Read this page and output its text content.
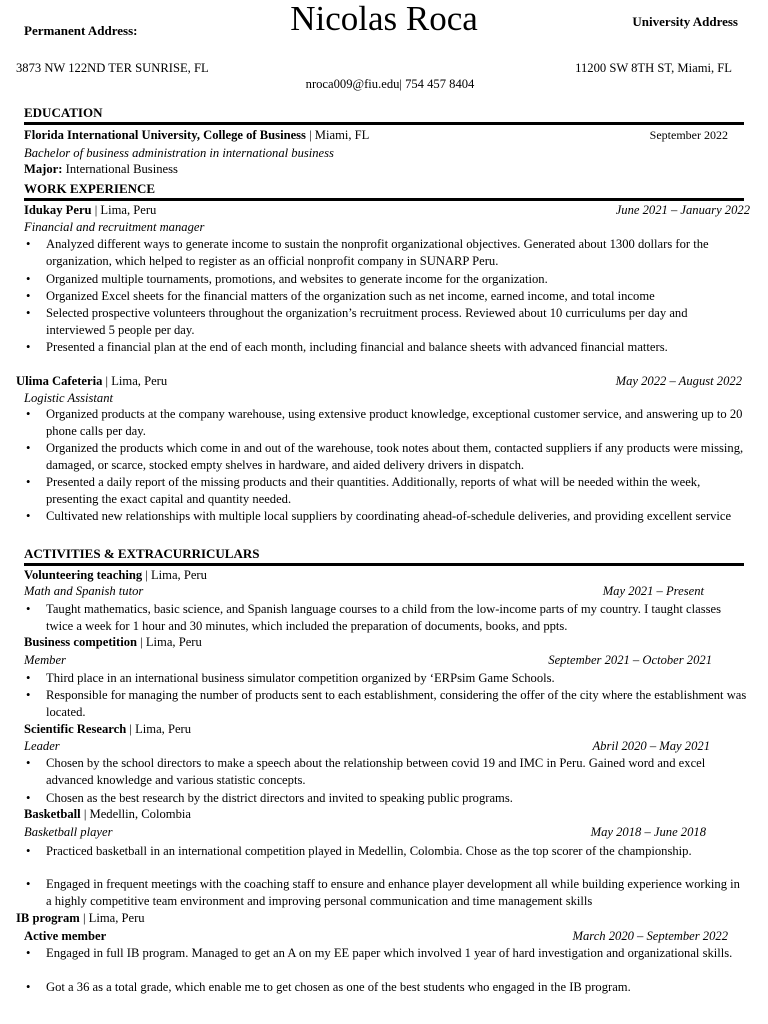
Permanent Address:	Nicolas Roca	University Address
3873 NW 122ND TER SUNRISE, FL	11200 SW 8TH ST, Miami, FL
nroca009@fiu.edu| 754 457 8404
EDUCATION
Florida International University, College of Business | Miami, FL	September 2022
Bachelor of business administration in international business
Major: International Business
WORK EXPERIENCE
Idukay Peru | Lima, Peru	June 2021 – January 2022
Financial and recruitment manager
• Analyzed different ways to generate income to sustain the nonprofit organizational objectives. Generated about 1300 dollars for the organization, which helped to register as an official nonprofit company in SUNARP Peru.
• Organized multiple tournaments, promotions, and websites to generate income for the organization.
• Organized Excel sheets for the financial matters of the organization such as net income, earned income, and total income
• Selected prospective volunteers throughout the organization’s recruitment process. Reviewed about 10 curriculums per day and interviewed 5 people per day.
• Presented a financial plan at the end of each month, including financial and balance sheets with advanced financial matters.
Ulima Cafeteria | Lima, Peru	May 2022 – August 2022
Logistic Assistant
• Organized products at the company warehouse, using extensive product knowledge, exceptional customer service, and answering up to 20 phone calls per day.
• Organized the products which come in and out of the warehouse, took notes about them, contacted suppliers if any products were missing, damaged, or scarce, stocked empty shelves in hardware, and aided delivery drivers in dispatch.
• Presented a daily report of the missing products and their quantities. Additionally, reports of what will be needed within the week, presenting the exact capital and quantity needed.
• Cultivated new relationships with multiple local suppliers by coordinating ahead-of-schedule deliveries, and providing excellent service
ACTIVITIES & EXTRACURRICULARS
Volunteering teaching | Lima, Peru
Math and Spanish tutor	May 2021 – Present
• Taught mathematics, basic science, and Spanish language courses to a child from the low-income parts of my country. I taught classes twice a week for 1 hour and 30 minutes, which included the preparation of documents, books, and ppts.
Business competition | Lima, Peru
Member	September 2021 – October 2021
• Third place in an international business simulator competition organized by ‘ERPsim Game Schools.
• Responsible for managing the number of products sent to each establishment, considering the offer of the city where the establishment was located.
Scientific Research | Lima, Peru
Leader	Abril 2020 – May 2021
• Chosen by the school directors to make a speech about the relationship between covid 19 and IMC in Peru. Gained word and excel advanced knowledge and various statistic concepts.
• Chosen as the best research by the district directors and invited to speaking public programs.
Basketball | Medellin, Colombia
Basketball player	May 2018 – June 2018
• Practiced basketball in an international competition played in Medellin, Colombia. Chose as the top scorer of the championship.
• Engaged in frequent meetings with the coaching staff to ensure and enhance player development all while building experience working in a highly competitive team environment and improving personal communication and time management skills
IB program | Lima, Peru
Active member	March 2020 – September 2022
• Engaged in full IB program. Managed to get an A on my EE paper which involved 1 year of hard investigation and organizational skills.
• Got a 36 as a total grade, which enable me to get chosen as one of the best students who engaged in the IB program.
